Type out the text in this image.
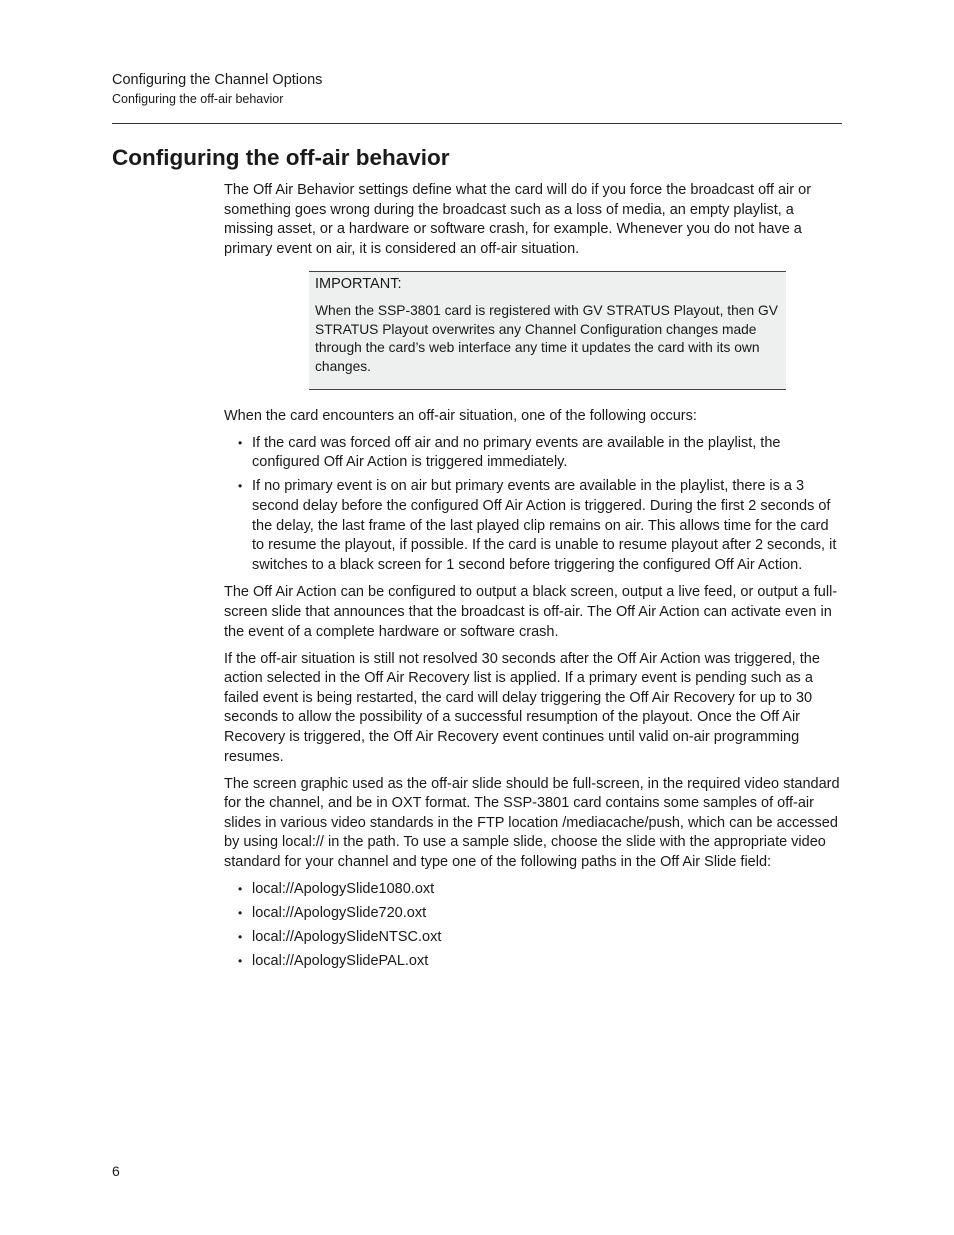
Configuring the Channel Options

Configuring the off-air behavior

Configuring the off-air behavior

The Off Air Behavior settings define what the card will do if you force the broadcast off air or something goes wrong during the broadcast such as a loss of media, an empty playlist, a missing asset, or a hardware or software crash, for example. Whenever you do not have a primary event on air, it is considered an off-air situation.

IMPORTANT:

When the SSP-3801 card is registered with GV STRATUS Playout, then GV STRATUS Playout overwrites any Channel Configuration changes made through the card’s web interface any time it updates the card with its own changes.

When the card encounters an off-air situation, one of the following occurs:

• If the card was forced off air and no primary events are available in the playlist, the configured Off Air Action is triggered immediately.
• If no primary event is on air but primary events are available in the playlist, there is a 3 second delay before the configured Off Air Action is triggered. During the first 2 seconds of the delay, the last frame of the last played clip remains on air. This allows time for the card to resume the playout, if possible. If the card is unable to resume playout after 2 seconds, it switches to a black screen for 1 second before triggering the configured Off Air Action.

The Off Air Action can be configured to output a black screen, output a live feed, or output a full-screen slide that announces that the broadcast is off-air. The Off Air Action can activate even in the event of a complete hardware or software crash.

If the off-air situation is still not resolved 30 seconds after the Off Air Action was triggered, the action selected in the Off Air Recovery list is applied. If a primary event is pending such as a failed event is being restarted, the card will delay triggering the Off Air Recovery for up to 30 seconds to allow the possibility of a successful resumption of the playout. Once the Off Air Recovery is triggered, the Off Air Recovery event continues until valid on-air programming resumes.

The screen graphic used as the off-air slide should be full-screen, in the required video standard for the channel, and be in OXT format. The SSP-3801 card contains some samples of off-air slides in various video standards in the FTP location /mediacache/push, which can be accessed by using local:// in the path. To use a sample slide, choose the slide with the appropriate video standard for your channel and type one of the following paths in the Off Air Slide field:

• local://ApologySlide1080.oxt
• local://ApologySlide720.oxt
• local://ApologySlideNTSC.oxt
• local://ApologySlidePAL.oxt
6
